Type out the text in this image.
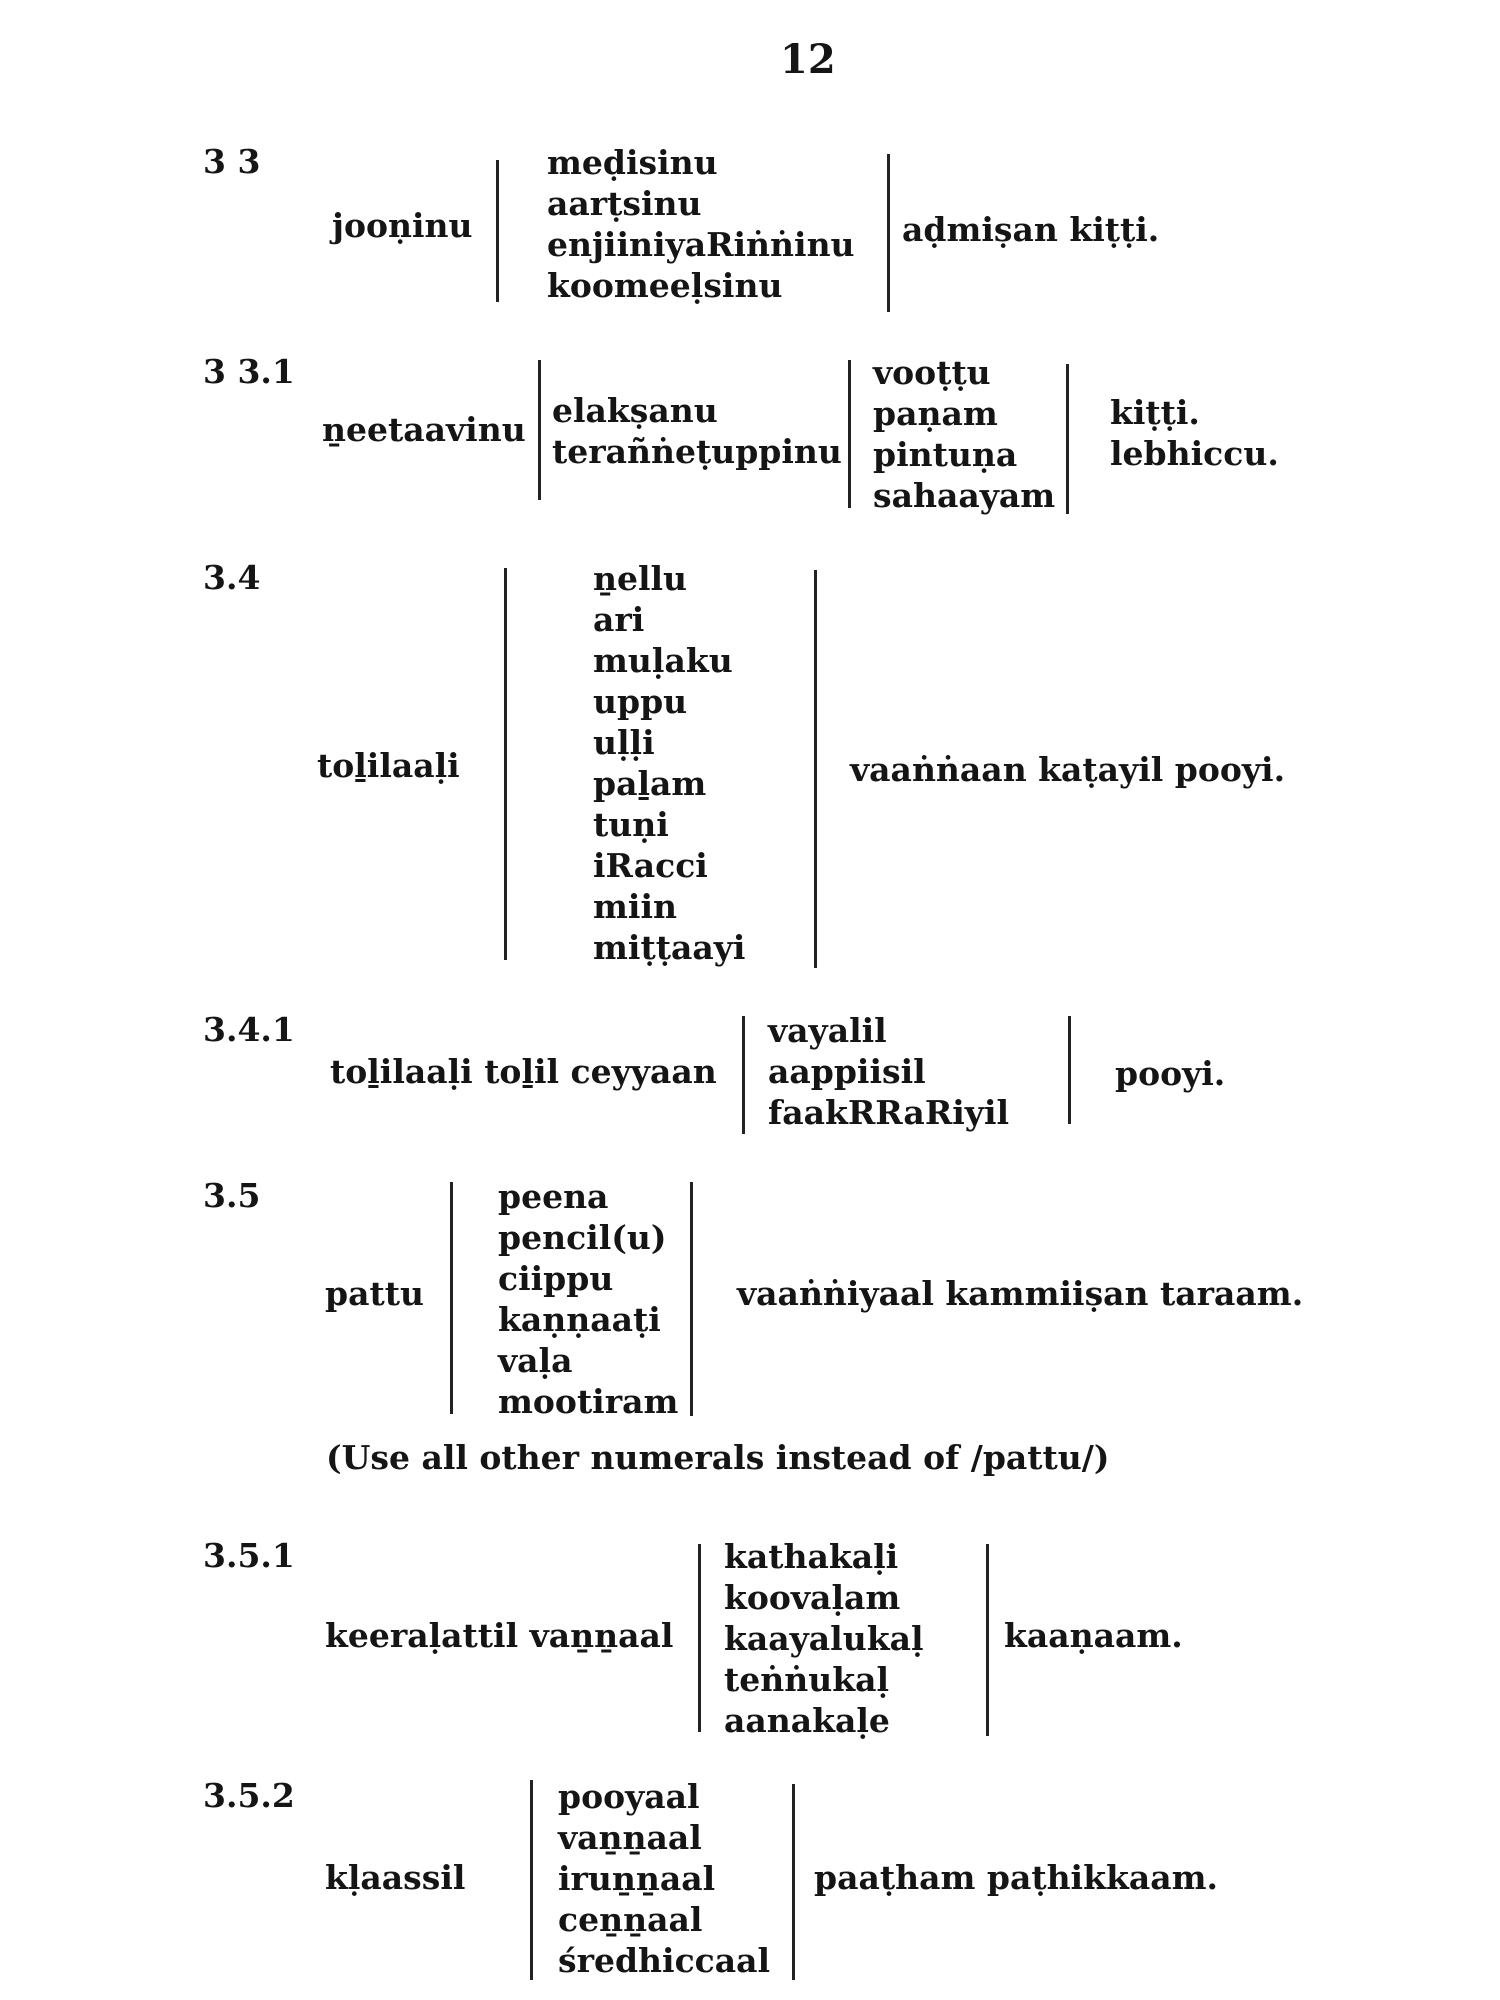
12
3 3
jooṇinu
meḍisinu
aarṭsinu
enjiiniyaRiṅṅinu
koomeeḷsinu
aḍmiṣan kiṭṭi.
3 3.1
ṉeetaavinu elakṣanu
terañṅeṭuppinu
vooṭṭu
paṇam
pintuṇa
sahaayam
kiṭṭi.
lebhiccu.
3.4
toḻilaaḷi
ṉellu
ari
muḷaku
uppu
uḷḷi
paḻam
tuṇi
iRacci
miin
miṭṭaayi
vaaṅṅaan kaṭayil pooyi.
3.4.1
toḻilaaḷi toḻil ceyyaan
vayalil
aappiisil
faakRRaRiyil
pooyi.
3.5
pattu
peena
pencil(u)
ciippu
kaṇṇaaṭi
vaḷa
mootiram
vaaṅṅiyaal kammiiṣan taraam.
(Use all other numerals instead of /pattu/)
3.5.1
keeraḷattil vaṉṉaal
kathakaḷi
koovaḷam
kaayalukaḷ
teṅṅukaḷ
aanakaḷe
kaaṇaam.
3.5.2
kḷaassil
pooyaal
vaṉṉaal
iruṉṉaal
ceṉṉaal
średhiccaal
paaṭham paṭhikkaam.
